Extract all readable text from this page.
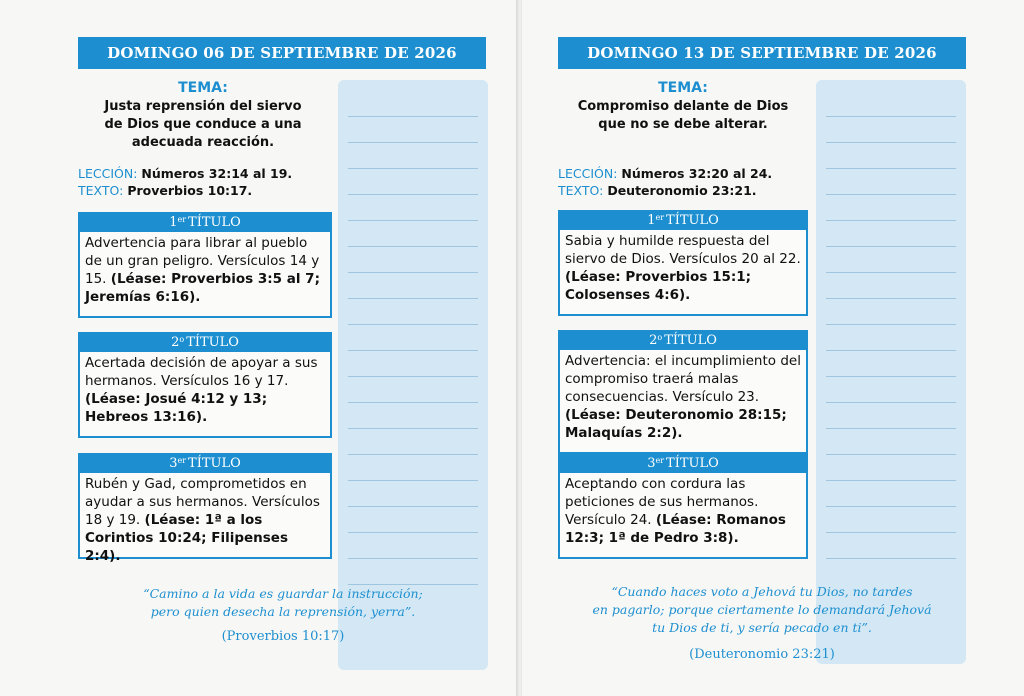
DOMINGO 06 DE SEPTIEMBRE DE 2026
TEMA:
Justa reprensión del siervo
de Dios que conduce a una
adecuada reacción.
LECCIÓN: Números 32:14 al 19.
TEXTO: Proverbios 10:17.
1er TÍTULO
Advertencia para librar al pueblo de un gran peligro. Versículos 14 y 15. (Léase: Proverbios 3:5 al 7; Jeremías 6:16).
2$^o$ TÍTULO
Acertada decisión de apoyar a sus hermanos. Versículos 16 y 17. (Léase: Josué 4:12 y 13; Hebreos 13:16).
3er TÍTULO
Rubén y Gad, comprometidos en ayudar a sus hermanos. Versículos 18 y 19. (Léase: 1ª a los Corintios 10:24; Filipenses 2:4).
“Camino a la vida es guardar la instrucción;
pero quien desecha la reprensión, yerra”.
(Proverbios 10:17)
DOMINGO 13 DE SEPTIEMBRE DE 2026
TEMA:
Compromiso delante de Dios
que no se debe alterar.
LECCIÓN: Números 32:20 al 24.
TEXTO: Deuteronomio 23:21.
1er TÍTULO
Sabia y humilde respuesta del siervo de Dios. Versículos 20 al 22. (Léase: Proverbios 15:1; Colosenses 4:6).
2$^o$ TÍTULO
Advertencia: el incumplimiento del compromiso traerá malas consecuencias. Versículo 23. (Léase: Deuteronomio 28:15; Malaquías 2:2).
3er TÍTULO
Aceptando con cordura las peticiones de sus hermanos. Versículo 24. (Léase: Romanos 12:3; 1ª de Pedro 3:8).
“Cuando haces voto a Jehová tu Dios, no tardes
en pagarlo; porque ciertamente lo demandará Jehová
tu Dios de ti, y sería pecado en ti”.
(Deuteronomio 23:21)
